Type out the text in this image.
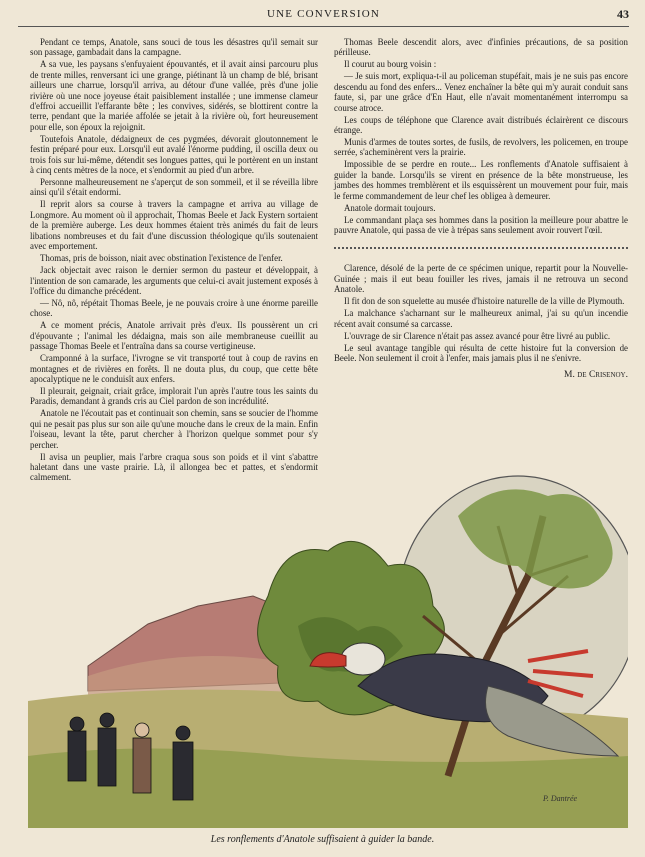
UNE CONVERSION	43

Pendant ce temps, Anatole, sans souci de tous les désastres qu'il semait sur son passage, gambadait dans la campagne.

A sa vue, les paysans s'enfuyaient épouvantés, et il avait ainsi parcouru plus de trente milles, renversant ici une grange, piétinant là un champ de blé, brisant ailleurs une charrue, lorsqu'il arriva, au détour d'une vallée, près d'une jolie rivière où une noce joyeuse était paisiblement installée ; une immense clameur d'effroi accueillit l'effarante bête ; les convives, sidérés, se blottirent contre la terre, pendant que la mariée affolée se jetait à la rivière où, fort heureusement pour elle, son époux la rejoignit.

Toutefois Anatole, dédaigneux de ces pygmées, dévorait gloutonnement le festin préparé pour eux. Lorsqu'il eut avalé l'énorme pudding, il oscilla deux ou trois fois sur lui-même, détendit ses longues pattes, qui le portèrent en un instant à cinq cents mètres de la noce, et s'endormit au pied d'un arbre.

Personne malheureusement ne s'aperçut de son sommeil, et il se réveilla libre ainsi qu'il s'était endormi.

Il reprit alors sa course à travers la campagne et arriva au village de Longmore. Au moment où il approchait, Thomas Beele et Jack Eystern sortaient de la première auberge. Les deux hommes étaient très animés du fait de leurs libations nombreuses et du fait d'une discussion théologique qu'ils soutenaient avec emportement.

Thomas, pris de boisson, niait avec obstination l'existence de l'enfer.

Jack objectait avec raison le dernier sermon du pasteur et développait, à l'intention de son camarade, les arguments que celui-ci avait justement exposés à l'office du dimanche précédent.

— Nô, nô, répétait Thomas Beele, je ne pouvais croire à une énorme pareille chose.

A ce moment précis, Anatole arrivait près d'eux. Ils poussèrent un cri d'épouvante ; l'animal les dédaigna, mais son aile membraneuse cueillit au passage Thomas Beele et l'entraîna dans sa course vertigineuse.

Cramponné à la surface, l'ivrogne se vit transporté tout à coup de ravins en montagnes et de rivières en forêts. Il ne douta plus, du coup, que cette bête apocalyptique ne le conduisît aux enfers.

Il pleurait, geignait, criait grâce, implorait l'un après l'autre tous les saints du Paradis, demandant à grands cris au Ciel pardon de son incrédulité.

Anatole ne l'écoutait pas et continuait son chemin, sans se soucier de l'homme qui ne pesait pas plus sur son aile qu'une mouche dans le creux de la main. Enfin l'oiseau, levant la tête, parut chercher à l'horizon quelque sommet pour s'y percher.

Il avisa un peuplier, mais l'arbre craqua sous son poids et il vint s'abattre haletant dans une vaste prairie. Là, il allongea bec et pattes, et s'endormit calmement.

Thomas Beele descendit alors, avec d'infinies précautions, de sa position périlleuse.

Il courut au bourg voisin :

— Je suis mort, expliqua-t-il au policeman stupéfait, mais je ne suis pas encore descendu au fond des enfers... Venez enchaîner la bête qui m'y aurait conduit sans faute, si, par une grâce d'En Haut, elle n'avait momentanément interrompu sa course atroce.

Les coups de téléphone que Clarence avait distribués éclairèrent ce discours étrange.

Munis d'armes de toutes sortes, de fusils, de revolvers, les policemen, en troupe serrée, s'acheminèrent vers la prairie.

Impossible de se perdre en route... Les ronflements d'Anatole suffisaient à guider la bande. Lorsqu'ils se virent en présence de la bête monstrueuse, les jambes des hommes tremblèrent et ils esquissèrent un mouvement pour fuir, mais le ferme commandement de leur chef les obligea à demeurer.

Anatole dormait toujours.

Le commandant plaça ses hommes dans la position la meilleure pour abattre le pauvre Anatole, qui passa de vie à trépas sans seulement avoir rouvert l'œil.

Clarence, désolé de la perte de ce spécimen unique, repartit pour la Nouvelle-Guinée ; mais il eut beau fouiller les rives, jamais il ne retrouva un second Anatole.

Il fit don de son squelette au musée d'histoire naturelle de la ville de Plymouth.

La malchance s'acharnant sur le malheureux animal, j'ai su qu'un incendie récent avait consumé sa carcasse.

L'ouvrage de sir Clarence n'était pas assez avancé pour être livré au public.

Le seul avantage tangible qui résulta de cette histoire fut la conversion de Beele. Non seulement il croit à l'enfer, mais jamais plus il ne s'enivre.

M. de Crisenoy.

P. Dantrée
Les ronflements d'Anatole suffisaient à guider la bande.
